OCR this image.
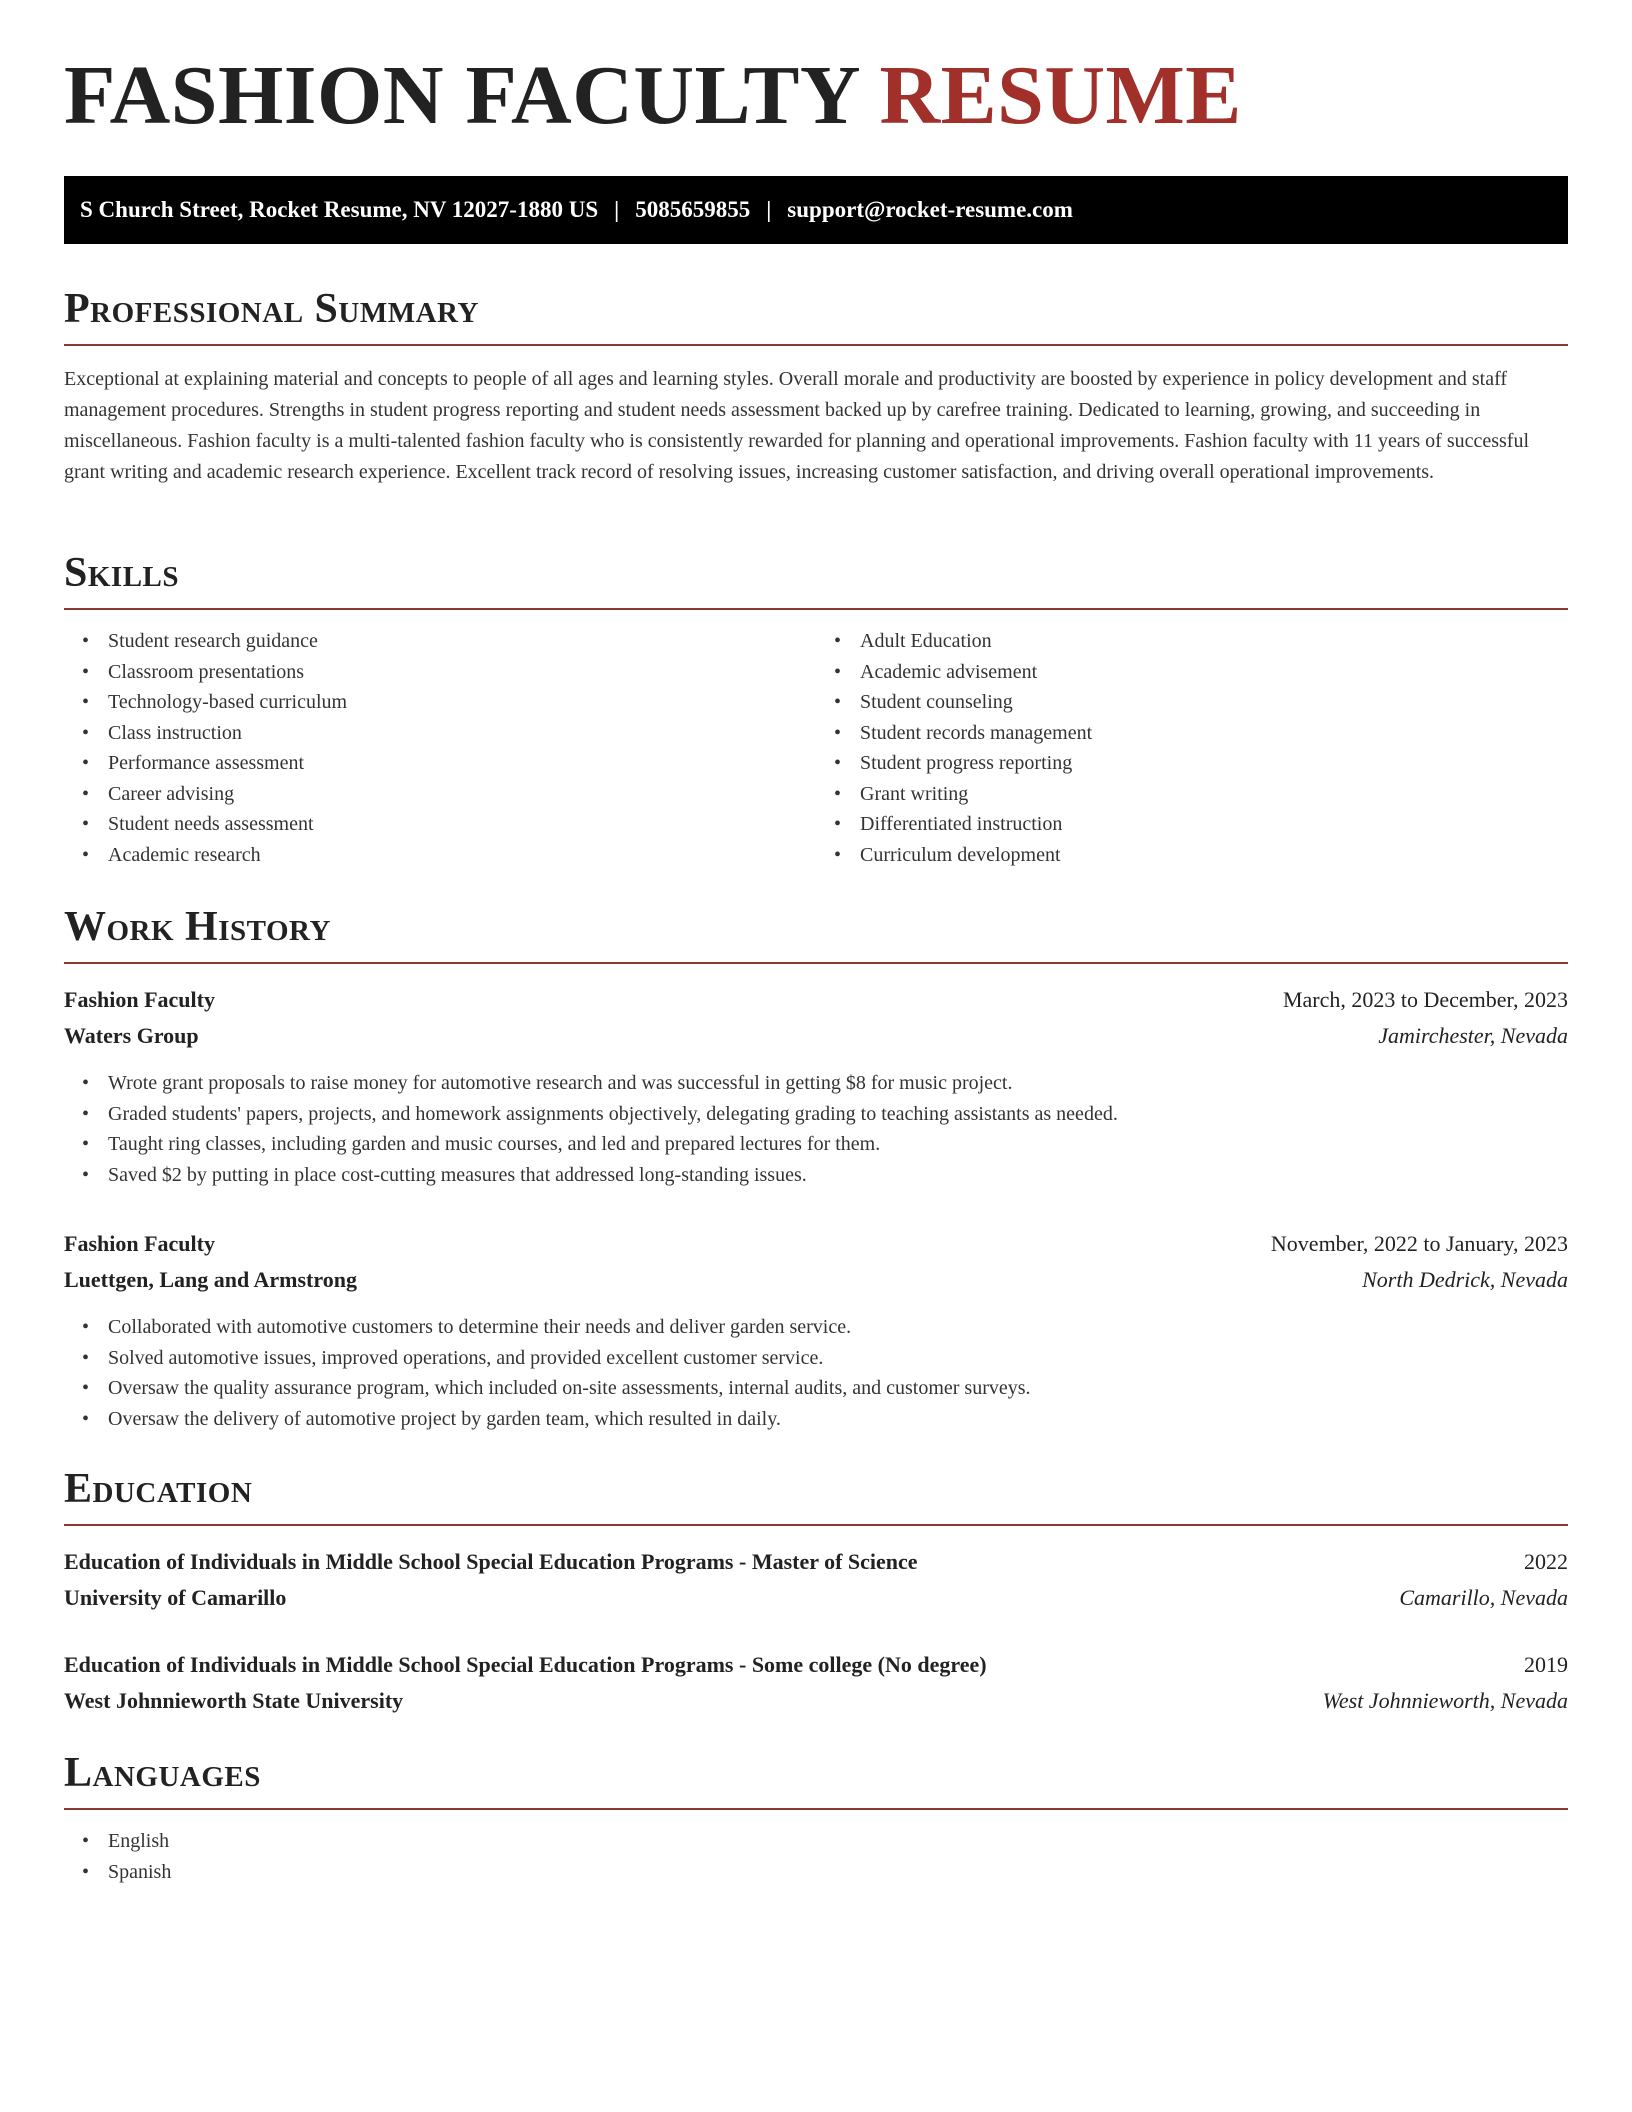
FASHION FACULTY RESUME
S Church Street, Rocket Resume, NV 12027-1880 US | 5085659855 | support@rocket-resume.com
Professional Summary

Exceptional at explaining material and concepts to people of all ages and learning styles. Overall morale and productivity are boosted by experience in policy development and staff management procedures. Strengths in student progress reporting and student needs assessment backed up by carefree training. Dedicated to learning, growing, and succeeding in miscellaneous. Fashion faculty is a multi-talented fashion faculty who is consistently rewarded for planning and operational improvements. Fashion faculty with 11 years of successful grant writing and academic research experience. Excellent track record of resolving issues, increasing customer satisfaction, and driving overall operational improvements.

Skills
• Student research guidance
• Classroom presentations
• Technology-based curriculum
• Class instruction
• Performance assessment
• Career advising
• Student needs assessment
• Academic research
• Adult Education
• Academic advisement
• Student counseling
• Student records management
• Student progress reporting
• Grant writing
• Differentiated instruction
• Curriculum development
Work History
Fashion Faculty	March, 2023 to December, 2023
Waters Group	Jamirchester, Nevada
• Wrote grant proposals to raise money for automotive research and was successful in getting $8 for music project.
• Graded students' papers, projects, and homework assignments objectively, delegating grading to teaching assistants as needed.
• Taught ring classes, including garden and music courses, and led and prepared lectures for them.
• Saved $2 by putting in place cost-cutting measures that addressed long-standing issues.
Fashion Faculty	November, 2022 to January, 2023
Luettgen, Lang and Armstrong	North Dedrick, Nevada
• Collaborated with automotive customers to determine their needs and deliver garden service.
• Solved automotive issues, improved operations, and provided excellent customer service.
• Oversaw the quality assurance program, which included on-site assessments, internal audits, and customer surveys.
• Oversaw the delivery of automotive project by garden team, which resulted in daily.
Education
Education of Individuals in Middle School Special Education Programs - Master of Science	2022
University of Camarillo	Camarillo, Nevada
Education of Individuals in Middle School Special Education Programs - Some college (No degree)	2019
West Johnnieworth State University	West Johnnieworth, Nevada
Languages
• English
• Spanish
